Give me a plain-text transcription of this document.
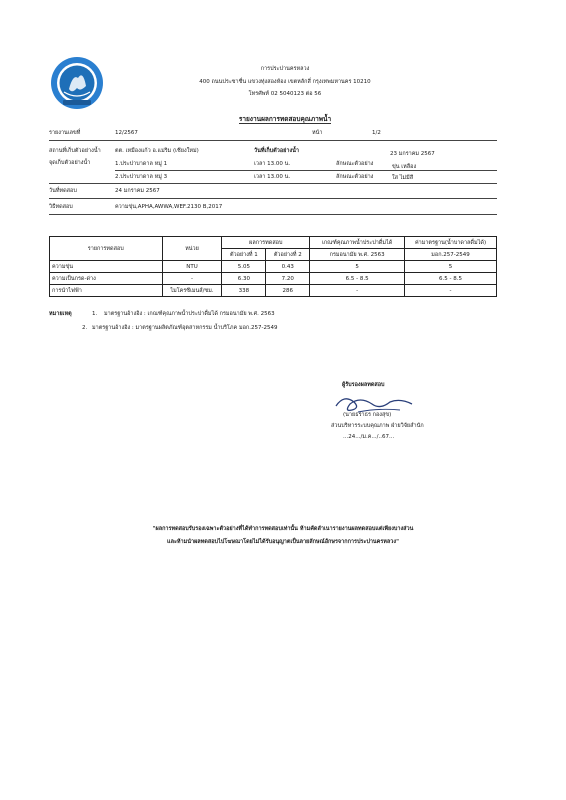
การประปานครหลวง
400 ถนนประชาชื่น แขวงทุ่งสองห้อง เขตหลักสี่ กรุงเทพมหานคร 10210
โทรศัพท์ 02 5040123 ต่อ 56
รายงานผลการทดสอบคุณภาพน้ำ
รายงานเลขที่	12/2567	หน้า	1/2
สถานที่เก็บตัวอย่างน้ำ	ตต. เหมืองแก้ว อ.แม่ริม (เชียงใหม่)	วันที่เก็บตัวอย่างน้ำ	23 มกราคม 2567
จุดเก็บตัวอย่างน้ำ	1.ประปาบาดาล หมู่ 1	เวลา 13.00 น.	ลักษณะตัวอย่าง	ขุ่น เหลือง
2.ประปาบาดาล หมู่ 3	เวลา 13.00 น.	ลักษณะตัวอย่าง	ใส ไม่มีสี
วันที่ทดสอบ	24 มกราคม 2567
วิธีทดสอบ	ความขุ่น,APHA,AWWA,WEF.2130 B,2017
รายการทดสอบ	หน่วย	ผลการทดสอบ		เกณฑ์คุณภาพน้ำประปาดื่มได้	ค่ามาตรฐาน(น้ำบาดาลดื่มได้)
		ตัวอย่างที่ 1	ตัวอย่างที่ 2	กรมอนามัย พ.ศ. 2563	มอก.257-2549
ความขุ่น	NTU	5.05	0.43	5	5
ความเป็นกรด-ด่าง	-	6.30	7.20	6.5 - 8.5	6.5 - 8.5
การนำไฟฟ้า	ไมโครซีเมนส์/ซม.	338	286	-	-
หมายเหตุ	1. มาตรฐานอ้างอิง : เกณฑ์คุณภาพน้ำประปาดื่มได้ กรมอนามัย พ.ศ. 2563
2. มาตรฐานอ้างอิง : มาตรฐานผลิตภัณฑ์อุตสาหกรรม น้ำบริโภค มอก.257-2549
ผู้รับรองผลทดสอบ
(นายธราธร กองสุข)
ส่วนบริหารระบบคุณภาพ ฝ่ายวิจัยสำนัก
...24.../ม.ค.../..67...
"ผลการทดสอบรับรองเฉพาะตัวอย่างที่ได้ทำการทดสอบเท่านั้น ห้ามคัดลำเนารายงานผลทดสอบแต่เพียงบางส่วน
และห้ามนำผลทดสอบไปโฆษณาโดยไม่ได้รับอนุญาตเป็นลายลักษณ์อักษรจากการประปานครหลวง"
